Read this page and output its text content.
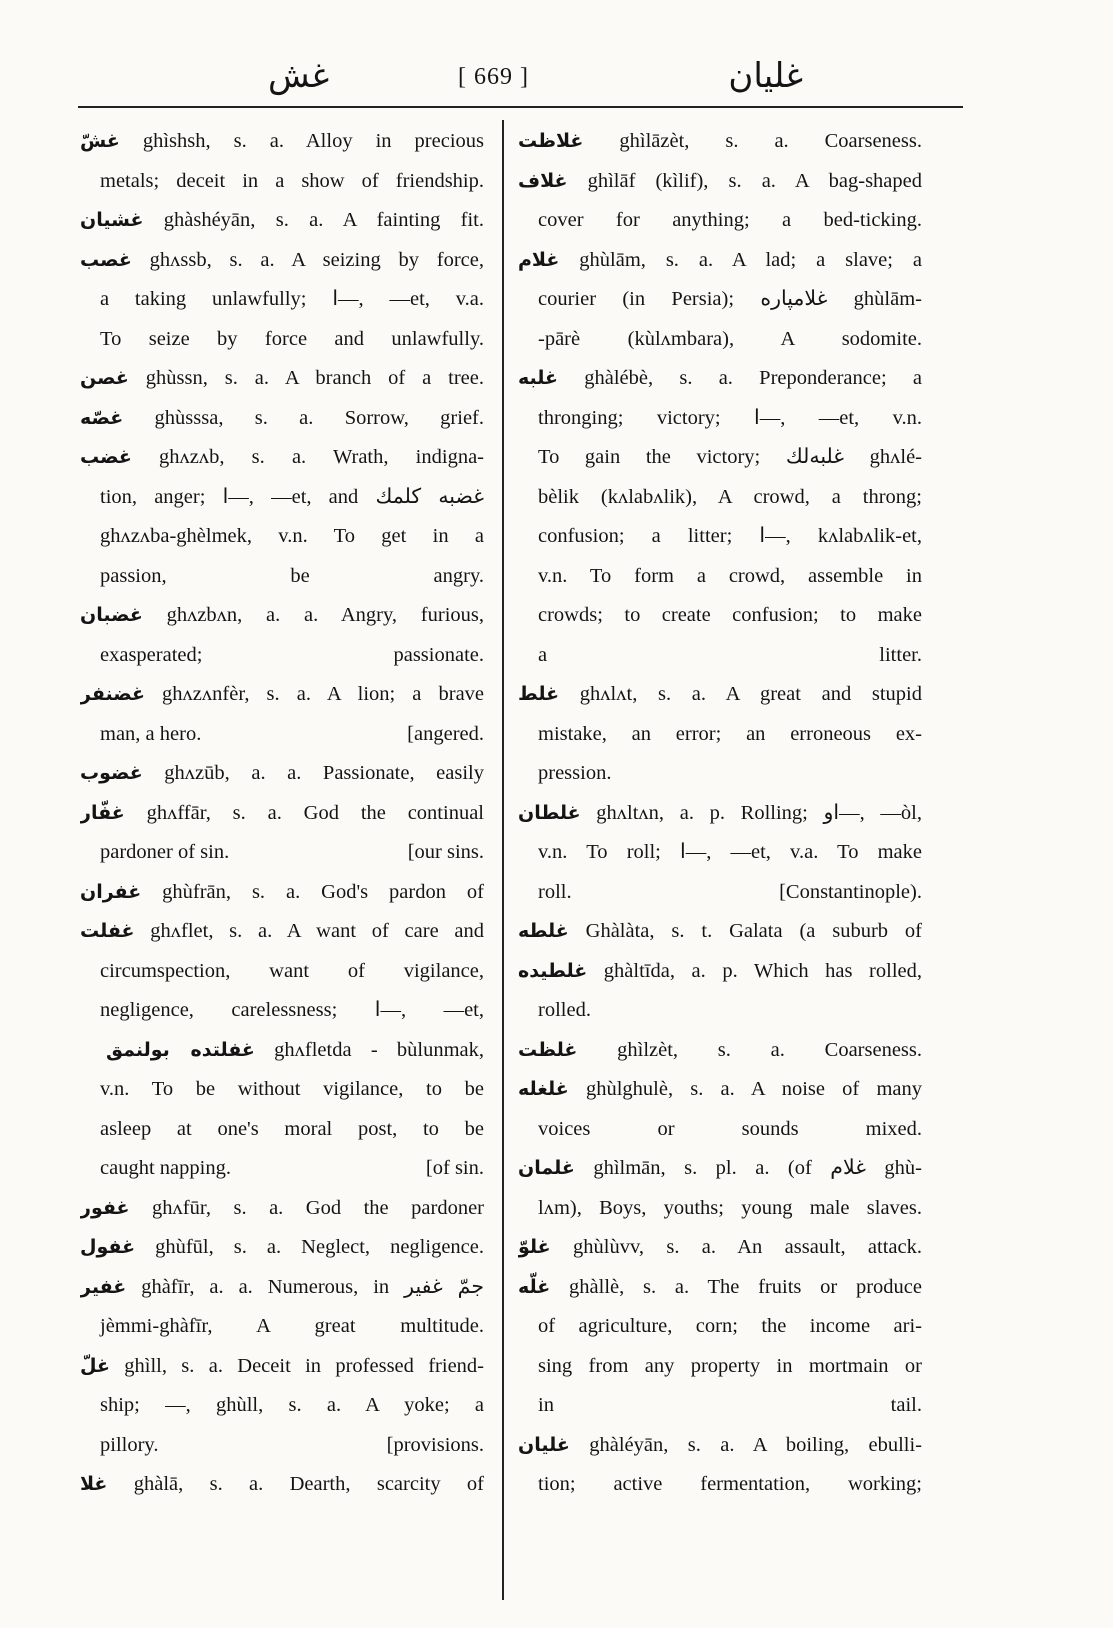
غش	[ 669 ]	غليان
غشّ ghìshsh, s. a. Alloy in precious
metals; deceit in a show of friendship.
غشيان ghàshéyān, s. a. A fainting fit.
غصب ghʌssb, s. a. A seizing by force,
a taking unlawfully; ا—, —et, v.a.
To seize by force and unlawfully.
غصن ghùssn, s. a. A branch of a tree.
غصّه ghùsssa, s. a. Sorrow, grief.
غضب ghʌzʌb, s. a. Wrath, indigna-
tion, anger; ا—, —et, and غضبه كلمك
ghʌzʌba-ghèlmek, v.n. To get in a
passion, be angry.
غضبان ghʌzbʌn, a. a. Angry, furious,
exasperated; passionate.
غضنفر ghʌzʌnfèr, s. a. A lion; a brave
man, a hero.	[angered.
غضوب ghʌzūb, a. a. Passionate, easily
غفّار ghʌffār, s. a. God the continual
pardoner of sin.	[our sins.
غفران ghùfrān, s. a. God's pardon of
غفلت ghʌflet, s. a. A want of care and
circumspection, want of vigilance,
negligence, carelessness; ا—, —et,
غفلتده بولنمق ghʌfletda - bùlunmak,
v.n. To be without vigilance, to be
asleep at one's moral post, to be
caught napping.	[of sin.
غفور ghʌfūr, s. a. God the pardoner
غفول ghùfūl, s. a. Neglect, negligence.
غفير ghàfīr, a. a. Numerous, in جمّ غفير
jèmmi-ghàfīr, A great multitude.
غلّ ghìll, s. a. Deceit in professed friend-
ship; —, ghùll, s. a. A yoke; a
pillory.	[provisions.
غلا ghàlā, s. a. Dearth, scarcity of
غلاظت ghìlāzèt, s. a. Coarseness.
غلاف ghìlāf (kìlif), s. a. A bag-shaped
cover for anything; a bed-ticking.
غلام ghùlām, s. a. A lad; a slave; a
courier (in Persia); غلامپاره ghùlām-
-pārè (kùlʌmbara), A sodomite.
غلبه ghàlébè, s. a. Preponderance; a
thronging; victory; ا—, —et, v.n.
To gain the victory; غلبه‌لك ghʌlé-
bèlik (kʌlabʌlik), A crowd, a throng;
confusion; a litter; ا—, kʌlabʌlik-et,
v.n. To form a crowd, assemble in
crowds; to create confusion; to make
a litter.
غلط ghʌlʌt, s. a. A great and stupid
mistake, an error; an erroneous ex-
pression.
غلطان ghʌltʌn, a. p. Rolling; او—, —òl,
v.n. To roll; ا—, —et, v.a. To make
roll.	[Constantinople).
غلطه Ghàlàta, s. t. Galata (a suburb of
غلطيده ghàltīda, a. p. Which has rolled,
rolled.
غلظت ghìlzèt, s. a. Coarseness.
غلغله ghùlghulè, s. a. A noise of many
voices or sounds mixed.
غلمان ghìlmān, s. pl. a. (of غلام ghù-
lʌm), Boys, youths; young male slaves.
غلوّ ghùlùvv, s. a. An assault, attack.
غلّه ghàllè, s. a. The fruits or produce
of agriculture, corn; the income ari-
sing from any property in mortmain or
in tail.
غليان ghàléyān, s. a. A boiling, ebulli-
tion; active fermentation, working;
